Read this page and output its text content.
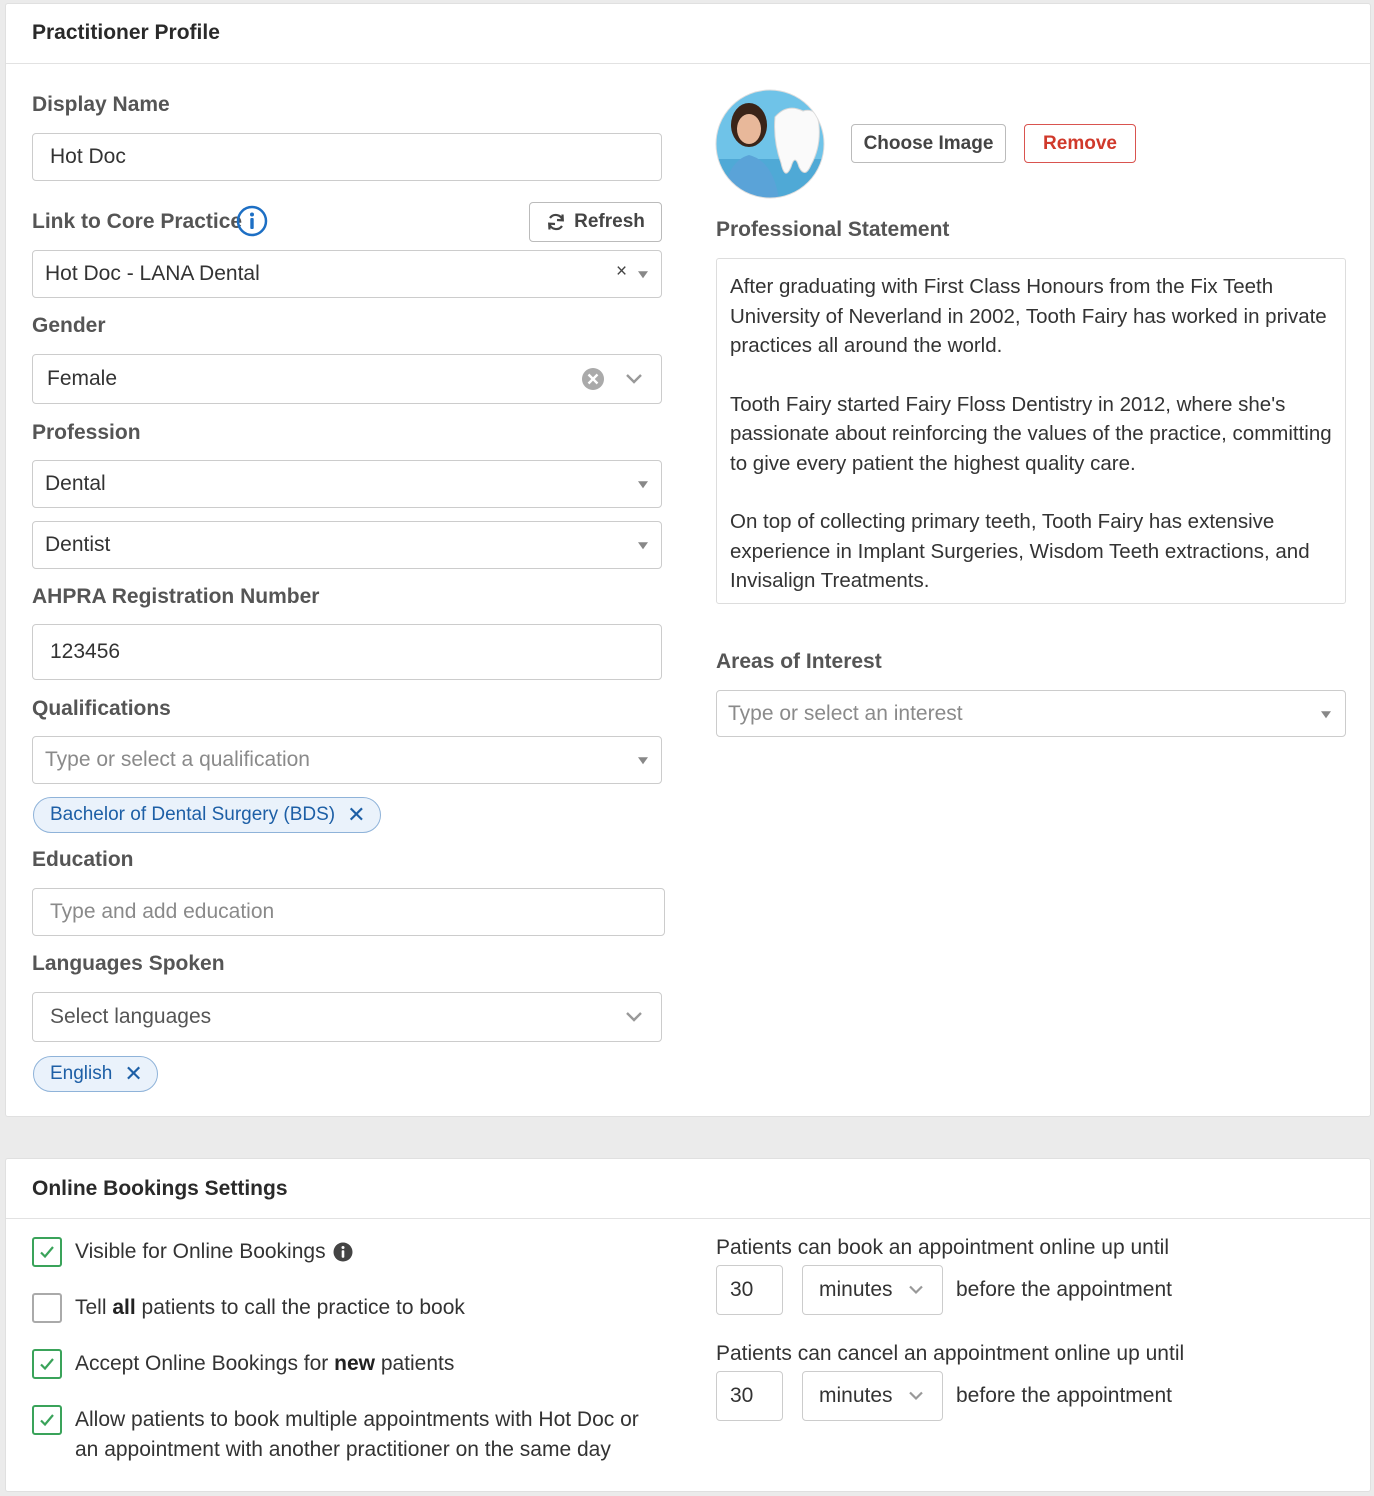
Practitioner Profile
Display Name
Hot Doc
Link to Core Practice	Refresh
Hot Doc - LANA Dental	×
Gender
Female
Profession
Dental
Dentist
AHPRA Registration Number
123456
Qualifications
Type or select a qualification
Bachelor of Dental Surgery (BDS) ✕
Education
Type and add education
Languages Spoken
Select languages
English ✕
Choose Image	Remove
Professional Statement

After graduating with First Class Honours from the Fix Teeth University of Neverland in 2002, Tooth Fairy has worked in private practices all around the world.

Tooth Fairy started Fairy Floss Dentistry in 2012, where she's passionate about reinforcing the values of the practice, committing to give every patient the highest quality care.

On top of collecting primary teeth, Tooth Fairy has extensive experience in Implant Surgeries, Wisdom Teeth extractions, and Invisalign Treatments.

Areas of Interest
Type or select an interest
Online Bookings Settings
Visible for Online Bookings
Tell all patients to call the practice to book
Accept Online Bookings for new patients
Allow patients to book multiple appointments with Hot Doc or
an appointment with another practitioner on the same day
Patients can book an appointment online up until
30	minutes	before the appointment
Patients can cancel an appointment online up until
30	minutes	before the appointment
